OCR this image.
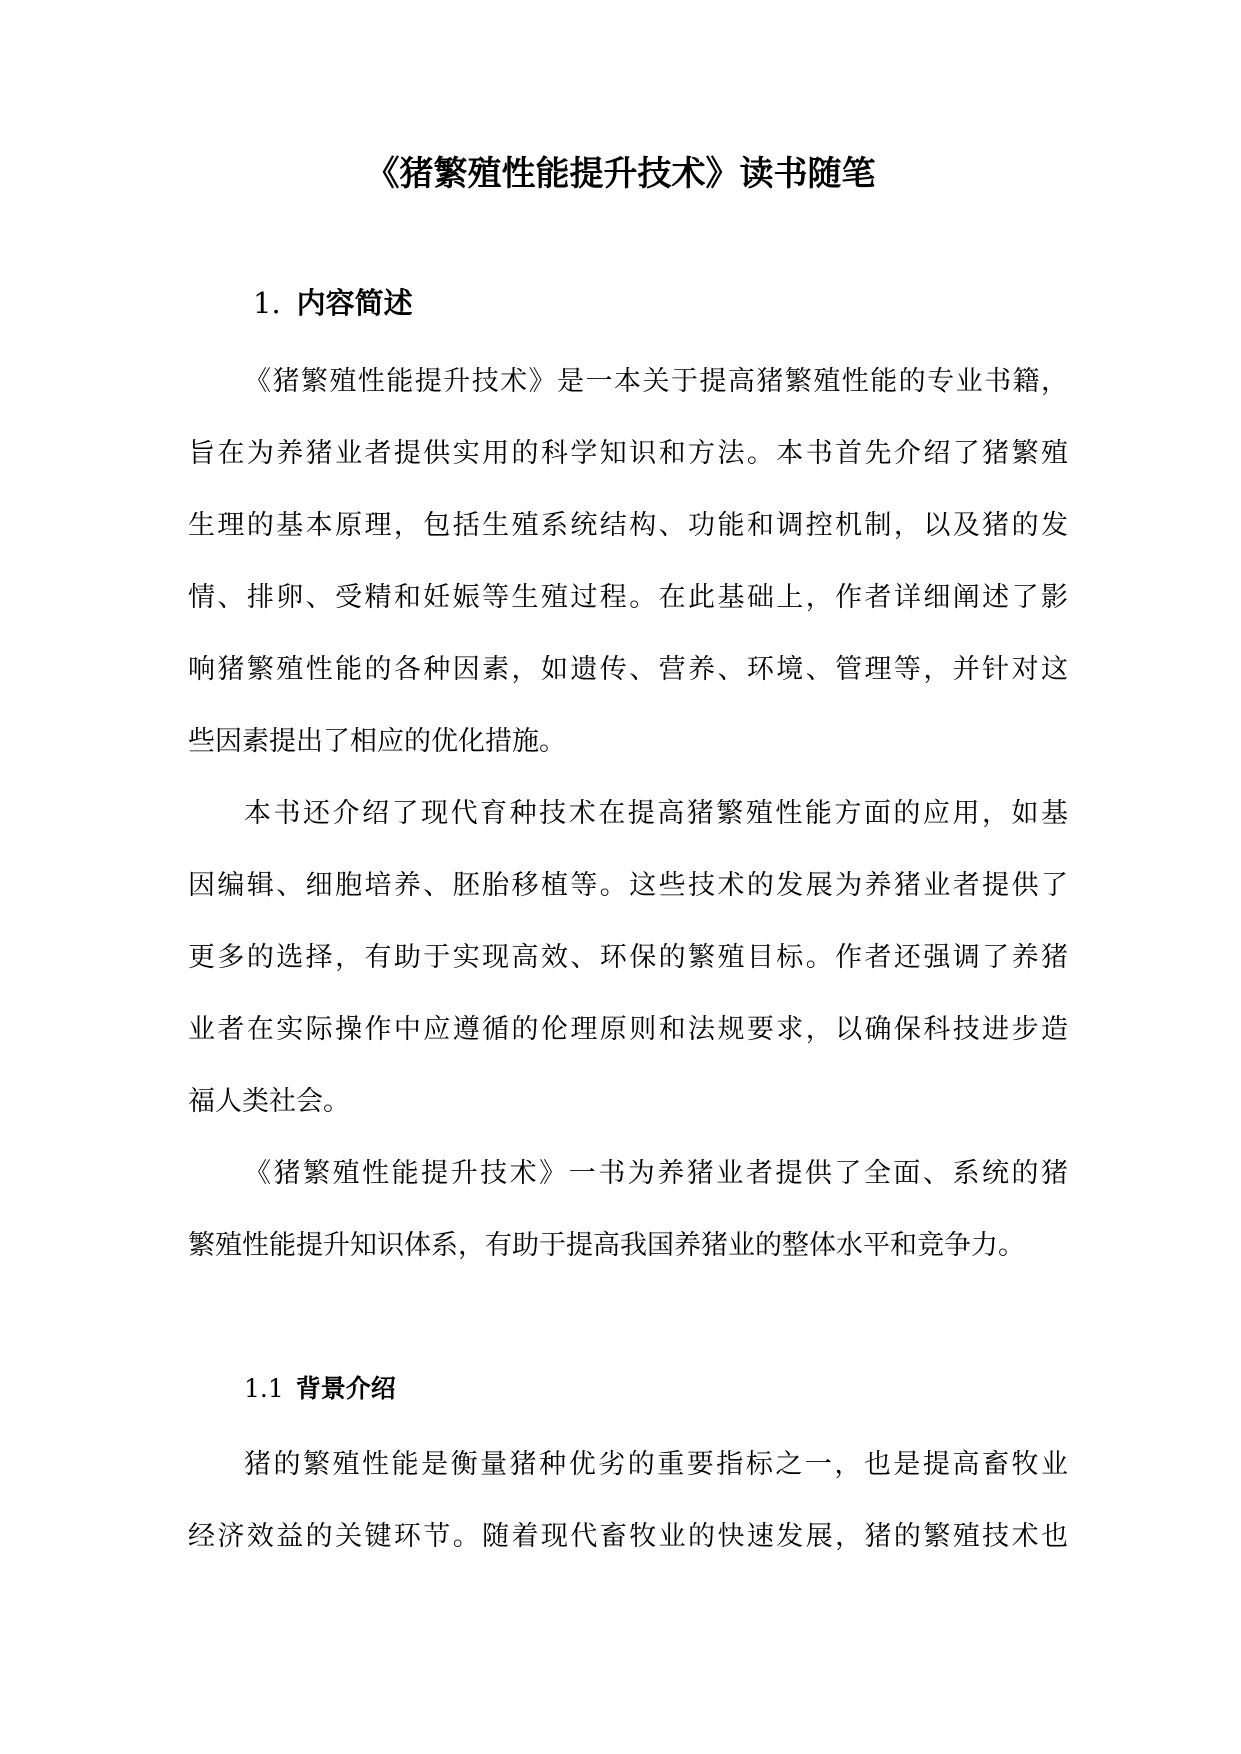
《猪繁殖性能提升技术》读书随笔
1. 内容简述

《猪繁殖性能提升技术》是一本关于提高猪繁殖性能的专业书籍，

旨在为养猪业者提供实用的科学知识和方法。本书首先介绍了猪繁殖

生理的基本原理，包括生殖系统结构、功能和调控机制，以及猪的发

情、排卵、受精和妊娠等生殖过程。在此基础上，作者详细阐述了影

响猪繁殖性能的各种因素，如遗传、营养、环境、管理等，并针对这

些因素提出了相应的优化措施。

本书还介绍了现代育种技术在提高猪繁殖性能方面的应用，如基

因编辑、细胞培养、胚胎移植等。这些技术的发展为养猪业者提供了

更多的选择，有助于实现高效、环保的繁殖目标。作者还强调了养猪

业者在实际操作中应遵循的伦理原则和法规要求，以确保科技进步造

福人类社会。

《猪繁殖性能提升技术》一书为养猪业者提供了全面、系统的猪

繁殖性能提升知识体系，有助于提高我国养猪业的整体水平和竞争力。

1.1 背景介绍

猪的繁殖性能是衡量猪种优劣的重要指标之一，也是提高畜牧业

经济效益的关键环节。随着现代畜牧业的快速发展，猪的繁殖技术也
